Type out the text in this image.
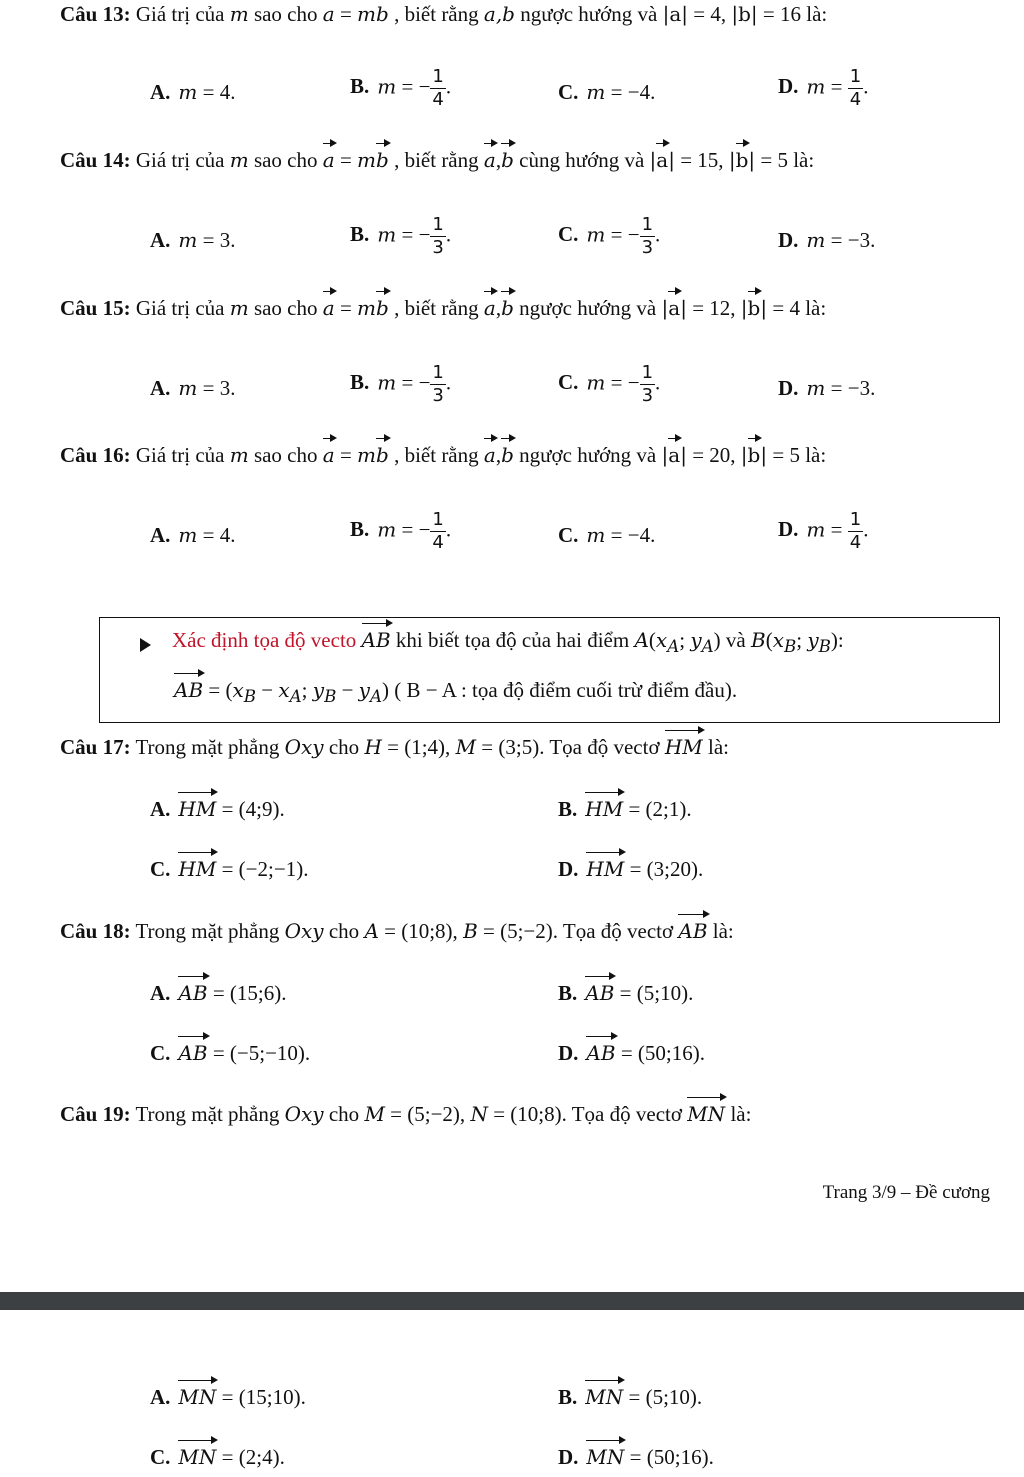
Câu 13: Giá trị của m sao cho a = mb , biết rằng a,b ngược hướng và |a| = 4, |b| = 16 là:
A. m = 4.	B. m = − $\frac{1}{4}$ .	C. m = −4.	D. $m = \frac{1}{4}$ .
Câu 14: Giá trị của m sao cho a = mb , biết rằng a,b cùng hướng và |a| = 15, |b| = 5 là:
A. m = 3.	B. m = − $\frac{1}{3}$ .	C. m = − $\frac{1}{3}$ .	D. m = −3.
Câu 15: Giá trị của m sao cho a = mb , biết rằng a,b ngược hướng và |a| = 12, |b| = 4 là:
A. m = 3.	B. m = − $\frac{1}{3}$ .	C. m = − $\frac{1}{3}$ .	D. m = −3.
Câu 16: Giá trị của m sao cho a = mb , biết rằng a,b ngược hướng và |a| = 20, |b| = 5 là:
A. m = 4.	B. m = − $\frac{1}{4}$ .	C. m = −4.	D. $m = \frac{1}{4}$ .
Xác định tọa độ vecto AB khi biết tọa độ của hai điểm $A(x_A$; $y_A$) và $B(x_B$; $y_B$):
AB = ($x_B - x_A$; $y_B - y_A$) ( B − A : tọa độ điểm cuối trừ điểm đầu).
Câu 17: Trong mặt phẳng Oxy cho H = (1;4), M = (3;5). Tọa độ vectơ HM là:
A. HM = (4;9).	B. HM = (2;1).
C. HM = (−2;−1).	D. HM = (3;20).
Câu 18: Trong mặt phẳng Oxy cho A = (10;8), B = (5;−2). Tọa độ vectơ AB là:
A. AB = (15;6).	B. AB = (5;10).
C. AB = (−5;−10).	D. AB = (50;16).
Câu 19: Trong mặt phẳng Oxy cho M = (5;−2), N = (10;8). Tọa độ vectơ MN là:
Trang 3/9 – Đề cương
A. MN = (15;10).	B. MN = (5;10).
C. MN = (2;4).	D. MN = (50;16).
